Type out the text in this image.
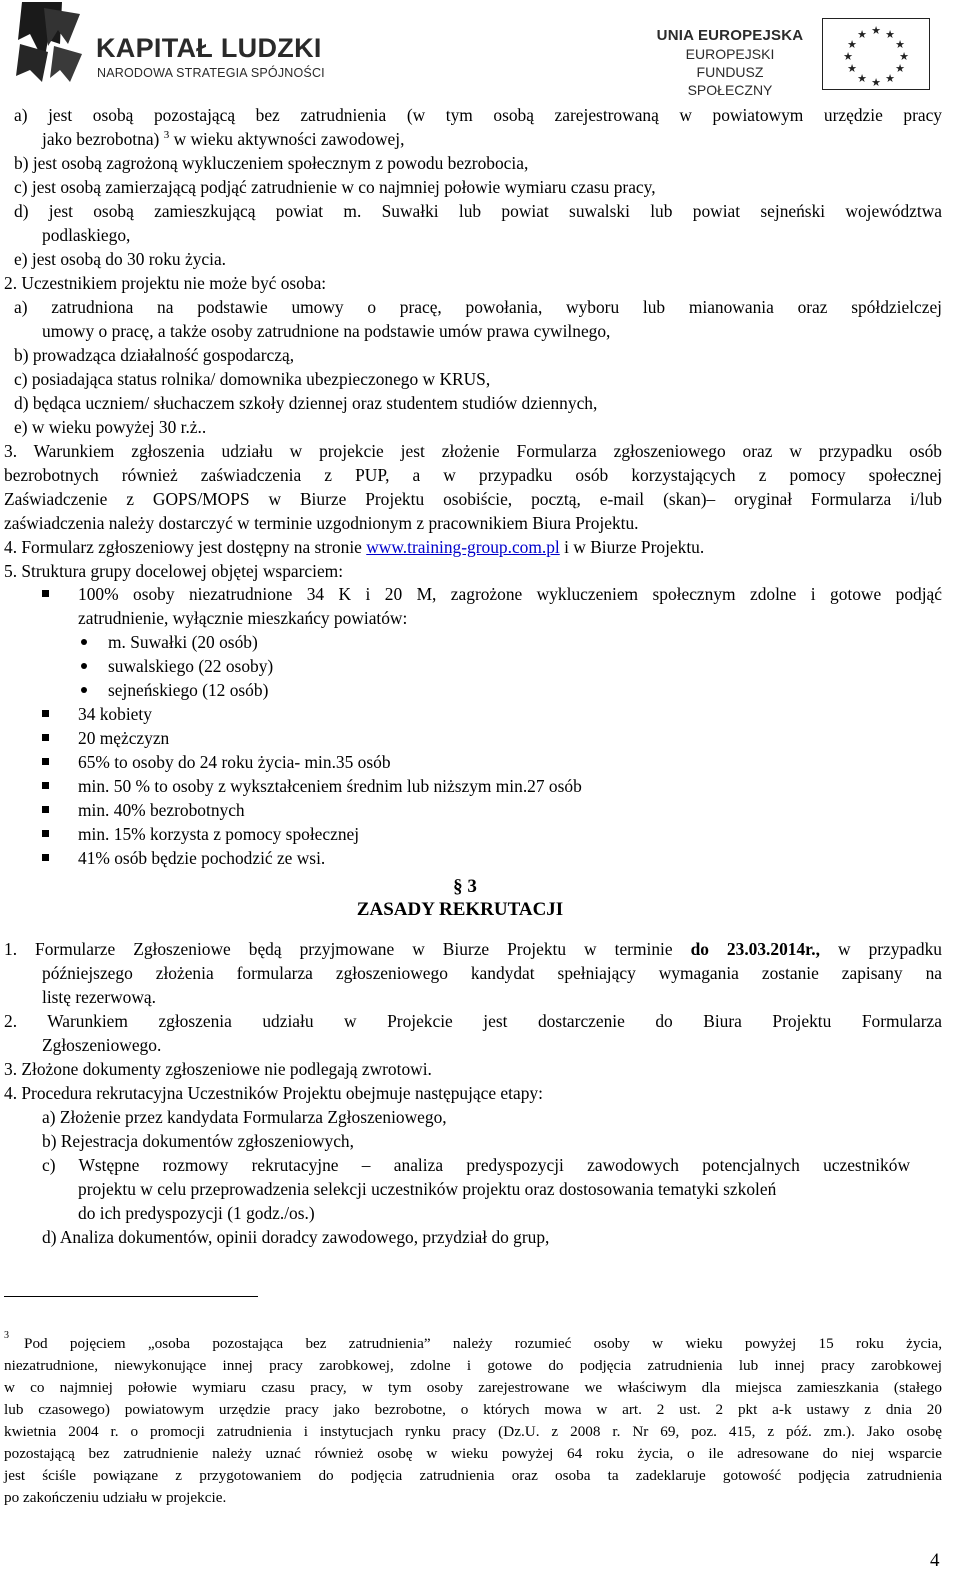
KAPITAŁ LUDZKI
NARODOWA STRATEGIA SPÓJNOŚCI
UNIA EUROPEJSKA
EUROPEJSKI
FUNDUSZ SPOŁECZNY
★ ★
★
★
★
★
★
★
★
★
★
★
a) jest osobą pozostającą bez zatrudnienia (w tym osobą zarejestrowaną w powiatowym urzędzie pracy
jako bezrobotna) $^3$ w wieku aktywności zawodowej,
b) jest osobą zagrożoną wykluczeniem społecznym z powodu bezrobocia,
c) jest osobą zamierzającą podjąć zatrudnienie w co najmniej połowie wymiaru czasu pracy,
d) jest osobą zamieszkującą powiat m. Suwałki lub powiat suwalski lub powiat sejneński województwa
podlaskiego,
e) jest osobą do 30 roku życia.
2. Uczestnikiem projektu nie może być osoba:
a) zatrudniona na podstawie umowy o pracę, powołania, wyboru lub mianowania oraz spółdzielczej
umowy o pracę, a także osoby zatrudnione na podstawie umów prawa cywilnego,
b) prowadząca działalność gospodarczą,
c) posiadająca status rolnika/ domownika ubezpieczonego w KRUS,
d) będąca uczniem/ słuchaczem szkoły dziennej oraz studentem studiów dziennych,
e) w wieku powyżej 30 r.ż..
3. Warunkiem zgłoszenia udziału w projekcie jest złożenie Formularza zgłoszeniowego oraz w przypadku osób
bezrobotnych również zaświadczenia z PUP, a w przypadku osób korzystających z pomocy społecznej
Zaświadczenie z GOPS/MOPS w Biurze Projektu osobiście, pocztą, e-mail (skan)– oryginał Formularza i/lub
zaświadczenia należy dostarczyć w terminie uzgodnionym z pracownikiem Biura Projektu.
4. Formularz zgłoszeniowy jest dostępny na stronie www.training-group.com.pl i w Biurze Projektu.
5. Struktura grupy docelowej objętej wsparciem:
100% osoby niezatrudnione 34 K i 20 M, zagrożone wykluczeniem społecznym zdolne i gotowe podjąć
zatrudnienie, wyłącznie mieszkańcy powiatów:
m. Suwałki (20 osób)
suwalskiego (22 osoby)
sejneńskiego (12 osób)
34 kobiety
20 mężczyzn
65% to osoby do 24 roku życia- min.35 osób
min. 50 % to osoby z wykształceniem średnim lub niższym min.27 osób
min. 40% bezrobotnych
min. 15% korzysta z pomocy społecznej
41% osób będzie pochodzić ze wsi.
§ 3
ZASADY REKRUTACJI
1. Formularze Zgłoszeniowe będą przyjmowane w Biurze Projektu w terminie do 23.03.2014r., w przypadku
późniejszego złożenia formularza zgłoszeniowego kandydat spełniający wymagania zostanie zapisany na
listę rezerwową.
2. Warunkiem zgłoszenia udziału w Projekcie jest dostarczenie do Biura Projektu Formularza
Zgłoszeniowego.
3. Złożone dokumenty zgłoszeniowe nie podlegają zwrotowi.
4. Procedura rekrutacyjna Uczestników Projektu obejmuje następujące etapy:
a) Złożenie przez kandydata Formularza Zgłoszeniowego,
b) Rejestracja dokumentów zgłoszeniowych,
c) Wstępne rozmowy rekrutacyjne – analiza predyspozycji zawodowych potencjalnych uczestników
projektu w celu przeprowadzenia selekcji uczestników projektu oraz dostosowania tematyki szkoleń
do ich predyspozycji (1 godz./os.)
d) Analiza dokumentów, opinii doradcy zawodowego, przydział do grup,
3 Pod pojęciem „osoba pozostająca bez zatrudnienia” należy rozumieć osoby w wieku powyżej 15 roku życia,
niezatrudnione, niewykonujące innej pracy zarobkowej, zdolne i gotowe do podjęcia zatrudnienia lub innej pracy zarobkowej
w co najmniej połowie wymiaru czasu pracy, w tym osoby zarejestrowane we właściwym dla miejsca zamieszkania (stałego
lub czasowego) powiatowym urzędzie pracy jako bezrobotne, o których mowa w art. 2 ust. 2 pkt a-k ustawy z dnia 20
kwietnia 2004 r. o promocji zatrudnienia i instytucjach rynku pracy (Dz.U. z 2008 r. Nr 69, poz. 415, z póź. zm.). Jako osobę
pozostającą bez zatrudnienie należy uznać również osobę w wieku powyżej 64 roku życia, o ile adresowane do niej wsparcie
jest ściśle powiązane z przygotowaniem do podjęcia zatrudnienia oraz osoba ta zadeklaruje gotowość podjęcia zatrudnienia
po zakończeniu udziału w projekcie.
4
